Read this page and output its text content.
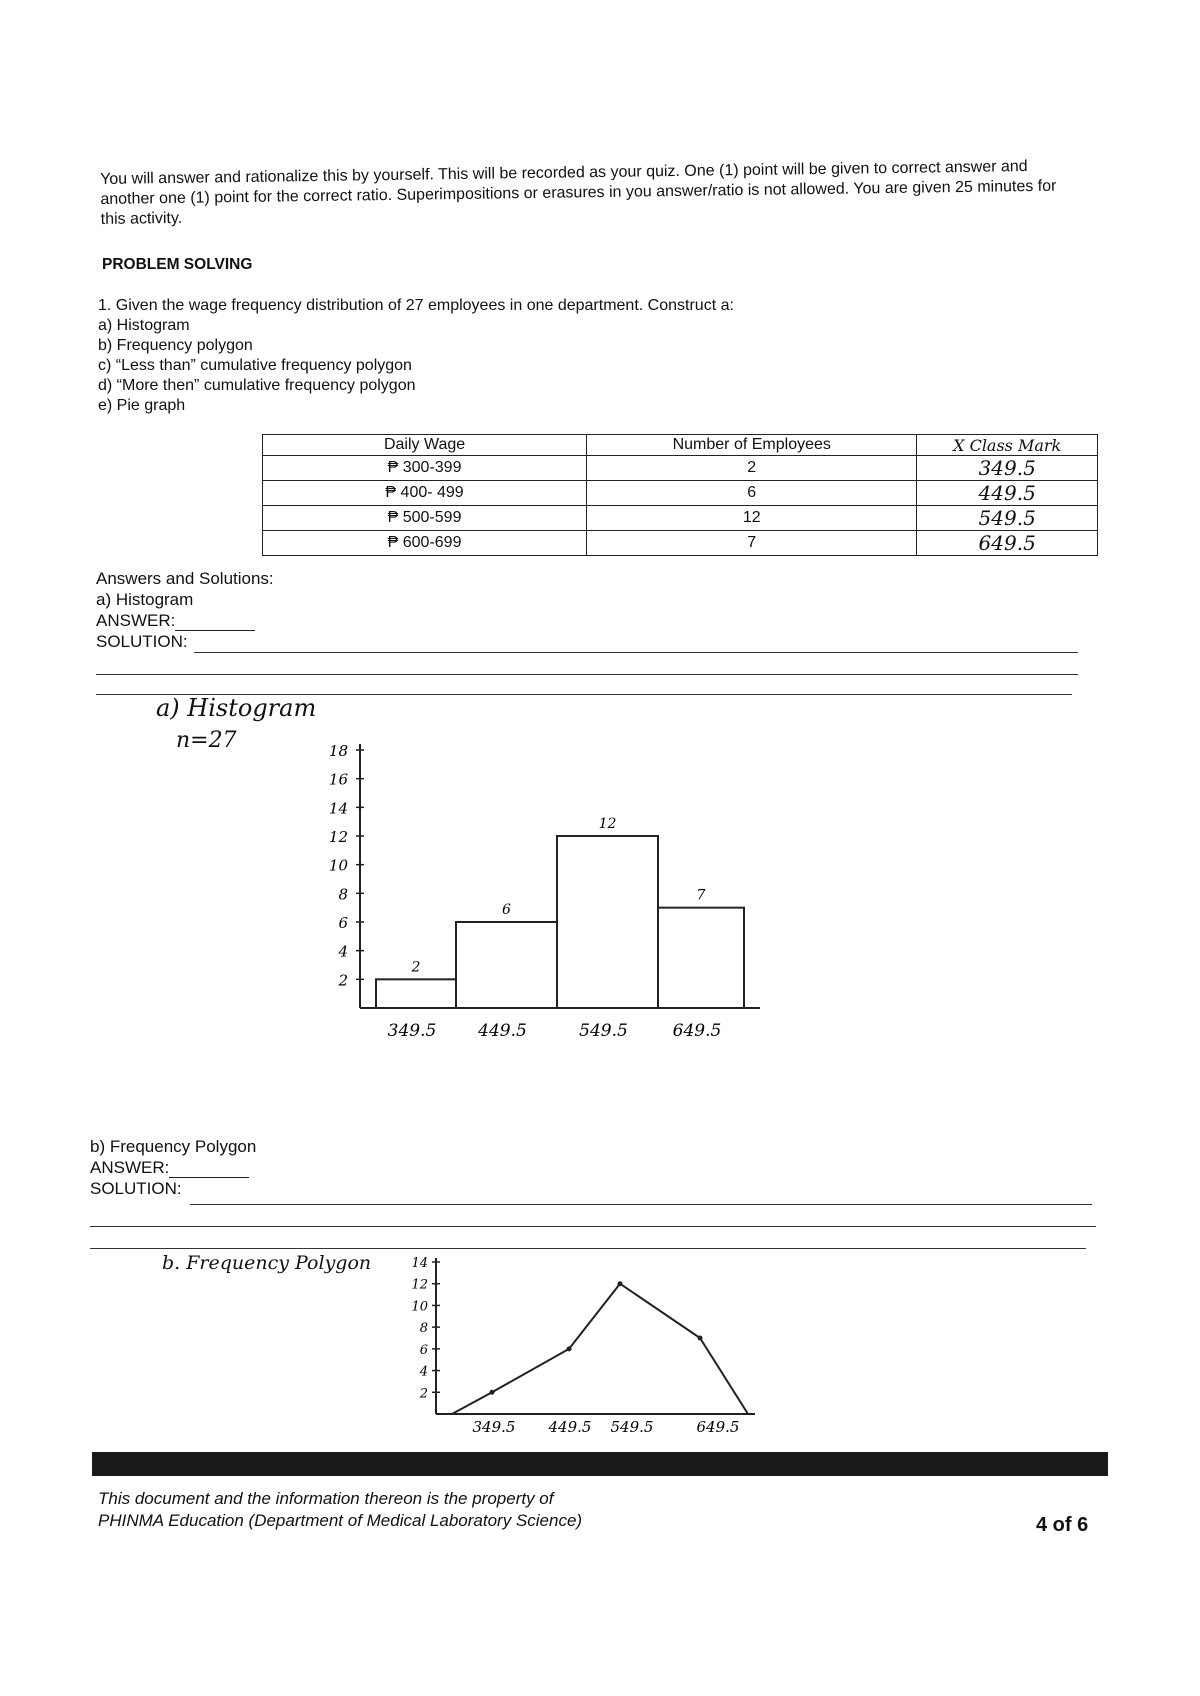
You will answer and rationalize this by yourself. This will be recorded as your quiz. One (1) point will be given to correct answer and another one (1) point for the correct ratio. Superimpositions or erasures in you answer/ratio is not allowed. You are given 25 minutes for this activity.
PROBLEM SOLVING
1. Given the wage frequency distribution of 27 employees in one department. Construct a:
a) Histogram
b) Frequency polygon
c) “Less than” cumulative frequency polygon
d) “More then” cumulative frequency polygon
e) Pie graph
Daily Wage	Number of Employees	X Class Mark
₱ 300-399	2	349.5
₱ 400- 499	6	449.5
₱ 500-599	12	549.5
₱ 600-699	7	649.5
Answers and Solutions:
a) Histogram
ANSWER:
SOLUTION:
a) Histogram
n=27
2
4
6
8
10
12
14
16
18
2
349.5
6
449.5
12
549.5
7
649.5
b) Frequency Polygon
ANSWER:
SOLUTION:
b. Frequency Polygon
2
4
6
8
10
12
14
349.5 449.5 549.5	649.5
This document and the information thereon is the property of
PHINMA Education (Department of Medical Laboratory Science)	4 of 6
